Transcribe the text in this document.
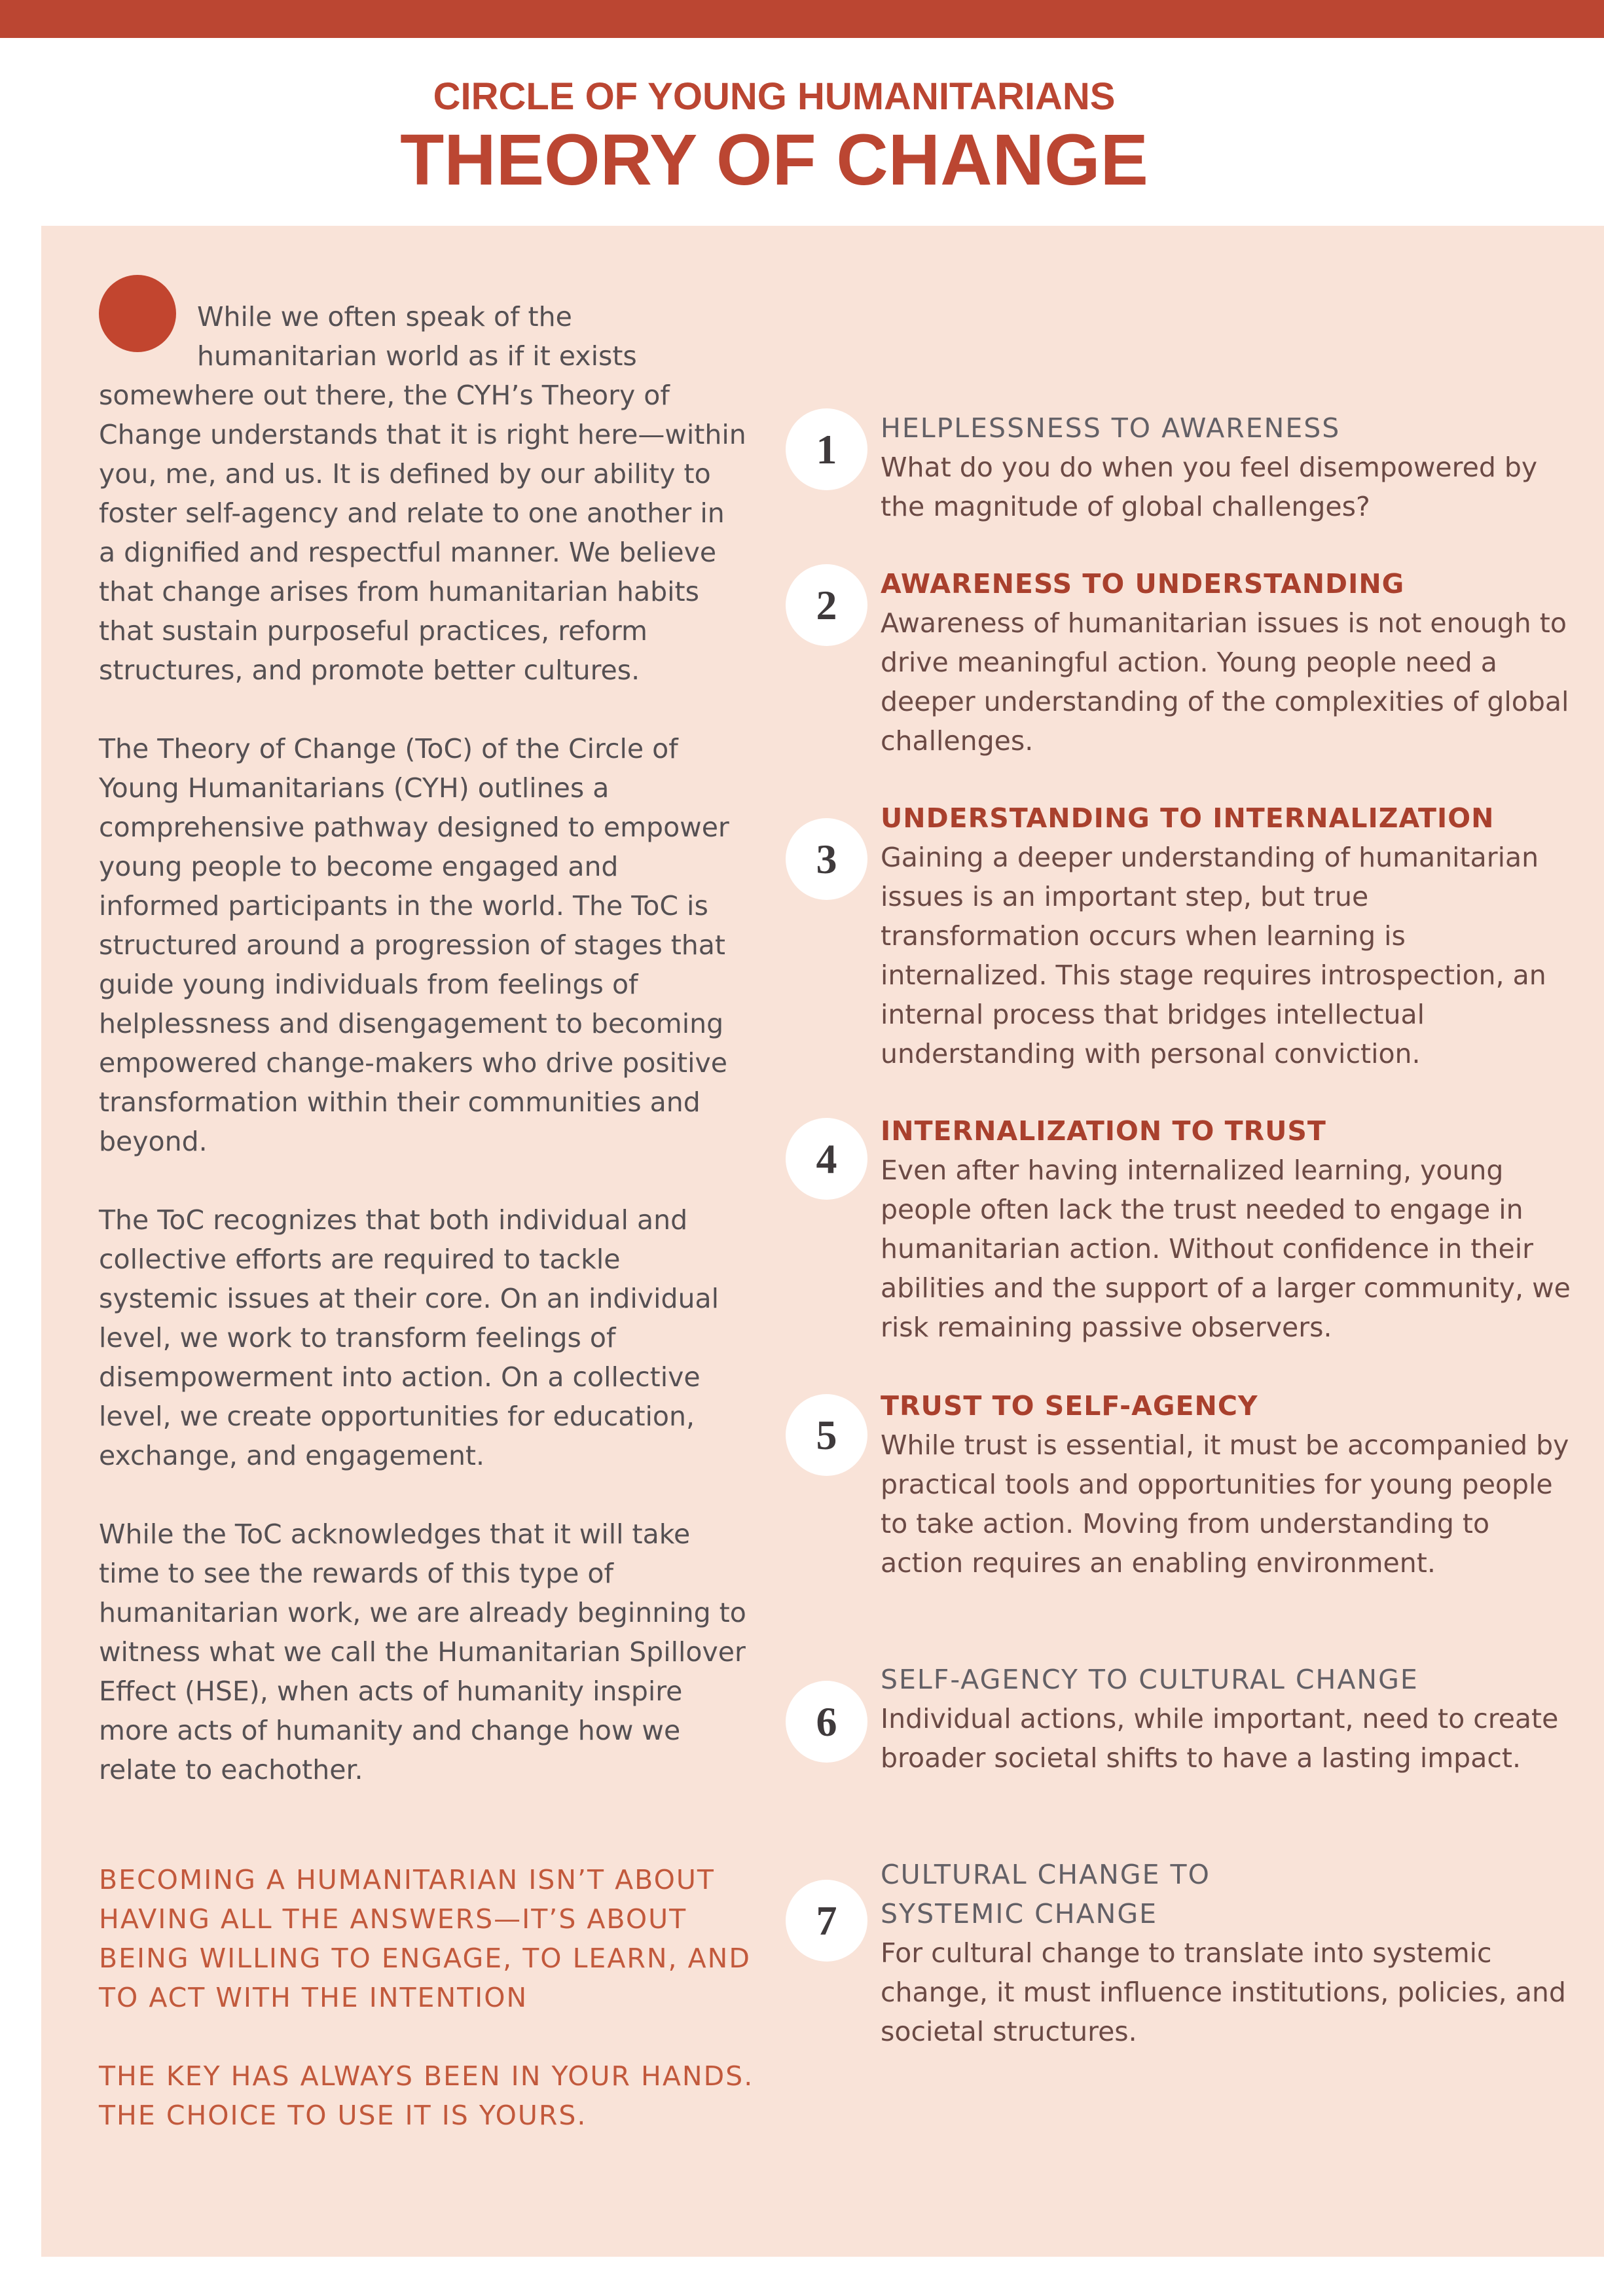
CIRCLE OF YOUNG HUMANITARIANS
THEORY OF CHANGE

While we often speak of the humanitarian world as if it exists somewhere out there, the CYH’s Theory of Change understands that it is right here—within you, me, and us. It is defined by our ability to foster self-agency and relate to one another in a dignified and respectful manner. We believe that change arises from humanitarian habits that sustain purposeful practices, reform structures, and promote better cultures.

The Theory of Change (ToC) of the Circle of Young Humanitarians (CYH) outlines a comprehensive pathway designed to empower young people to become engaged and informed participants in the world. The ToC is structured around a progression of stages that guide young individuals from feelings of helplessness and disengagement to becoming empowered change-makers who drive positive transformation within their communities and beyond.

The ToC recognizes that both individual and collective efforts are required to tackle systemic issues at their core. On an individual level, we work to transform feelings of disempowerment into action. On a collective level, we create opportunities for education, exchange, and engagement.

While the ToC acknowledges that it will take time to see the rewards of this type of humanitarian work, we are already beginning to witness what we call the Humanitarian Spillover Effect (HSE), when acts of humanity inspire more acts of humanity and change how we relate to eachother.

BECOMING A HUMANITARIAN ISN’T ABOUT HAVING ALL THE ANSWERS—IT’S ABOUT BEING WILLING TO ENGAGE, TO LEARN, AND TO ACT WITH THE INTENTION

THE KEY HAS ALWAYS BEEN IN YOUR HANDS. THE CHOICE TO USE IT IS YOURS.

1	HELPLESSNESS TO AWARENESS

What do you do when you feel disempowered by the magnitude of global challenges?

2	AWARENESS TO UNDERSTANDING

Awareness of humanitarian issues is not enough to drive meaningful action. Young people need a deeper understanding of the complexities of global challenges.

3

UNDERSTANDING TO INTERNALIZATION

Gaining a deeper understanding of humanitarian issues is an important step, but true transformation occurs when learning is internalized. This stage requires introspection, an internal process that bridges intellectual understanding with personal conviction.

4

INTERNALIZATION TO TRUST

Even after having internalized learning, young people often lack the trust needed to engage in humanitarian action. Without confidence in their abilities and the support of a larger community, we risk remaining passive observers.

5

TRUST TO SELF-AGENCY

While trust is essential, it must be accompanied by practical tools and opportunities for young people to take action. Moving from understanding to action requires an enabling environment.

6

SELF-AGENCY TO CULTURAL CHANGE

Individual actions, while important, need to create broader societal shifts to have a lasting impact.

7

CULTURAL CHANGE TO SYSTEMIC CHANGE

For cultural change to translate into systemic change, it must influence institutions, policies, and societal structures.
